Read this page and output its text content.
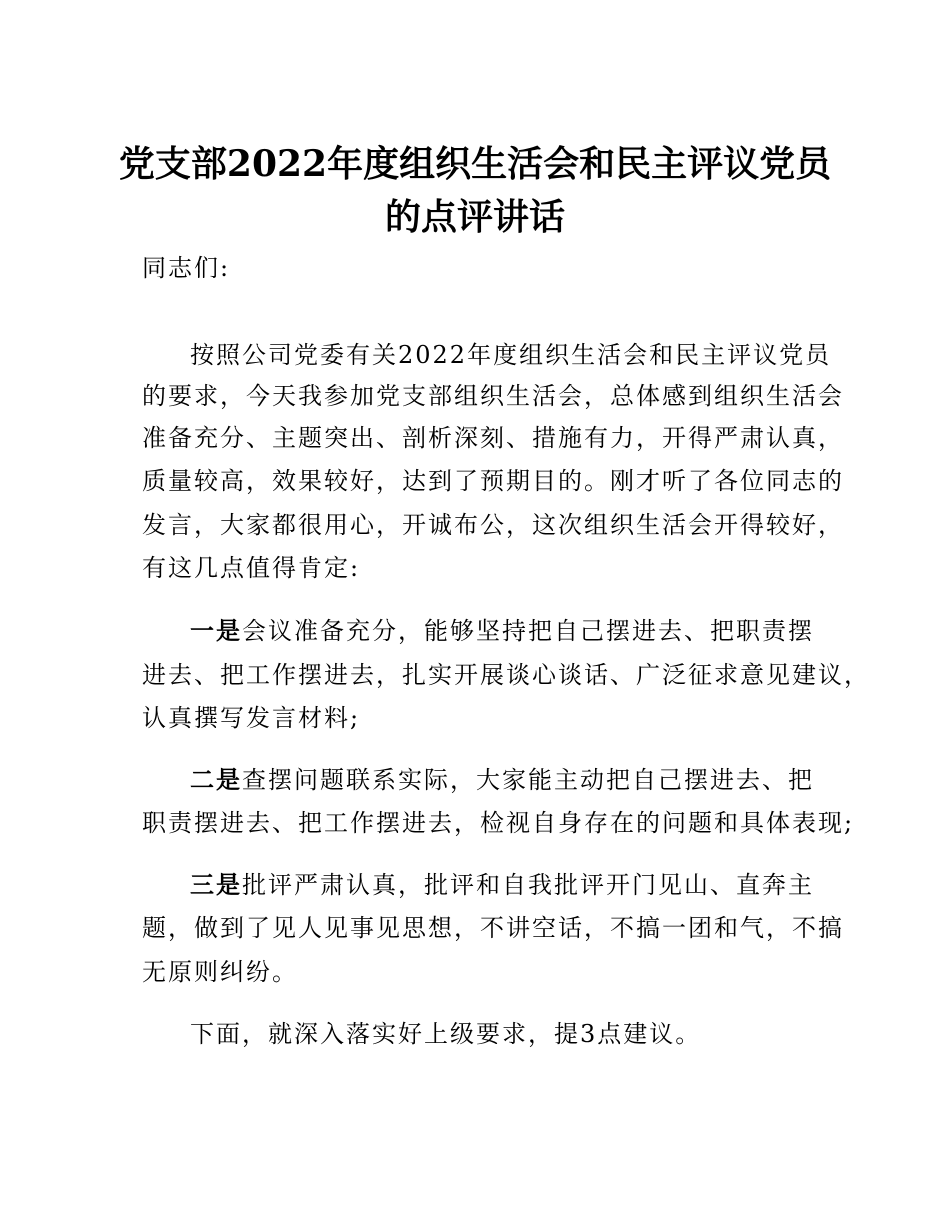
党支部2022年度组织生活会和民主评议党员
的点评讲话
同志们:
按照公司党委有关2022年度组织生活会和民主评议党员
的要求，今天我参加党支部组织生活会，总体感到组织生活会
准备充分、主题突出、剖析深刻、措施有力，开得严肃认真，
质量较高，效果较好，达到了预期目的。刚才听了各位同志的
发言，大家都很用心，开诚布公，这次组织生活会开得较好，
有这几点值得肯定:
一是会议准备充分，能够坚持把自己摆进去、把职责摆
进去、把工作摆进去，扎实开展谈心谈话、广泛征求意见建议，
认真撰写发言材料;
二是查摆问题联系实际，大家能主动把自己摆进去、把
职责摆进去、把工作摆进去，检视自身存在的问题和具体表现;
三是批评严肃认真，批评和自我批评开门见山、直奔主
题，做到了见人见事见思想，不讲空话，不搞一团和气，不搞
无原则纠纷。
下面，就深入落实好上级要求，提3点建议。
